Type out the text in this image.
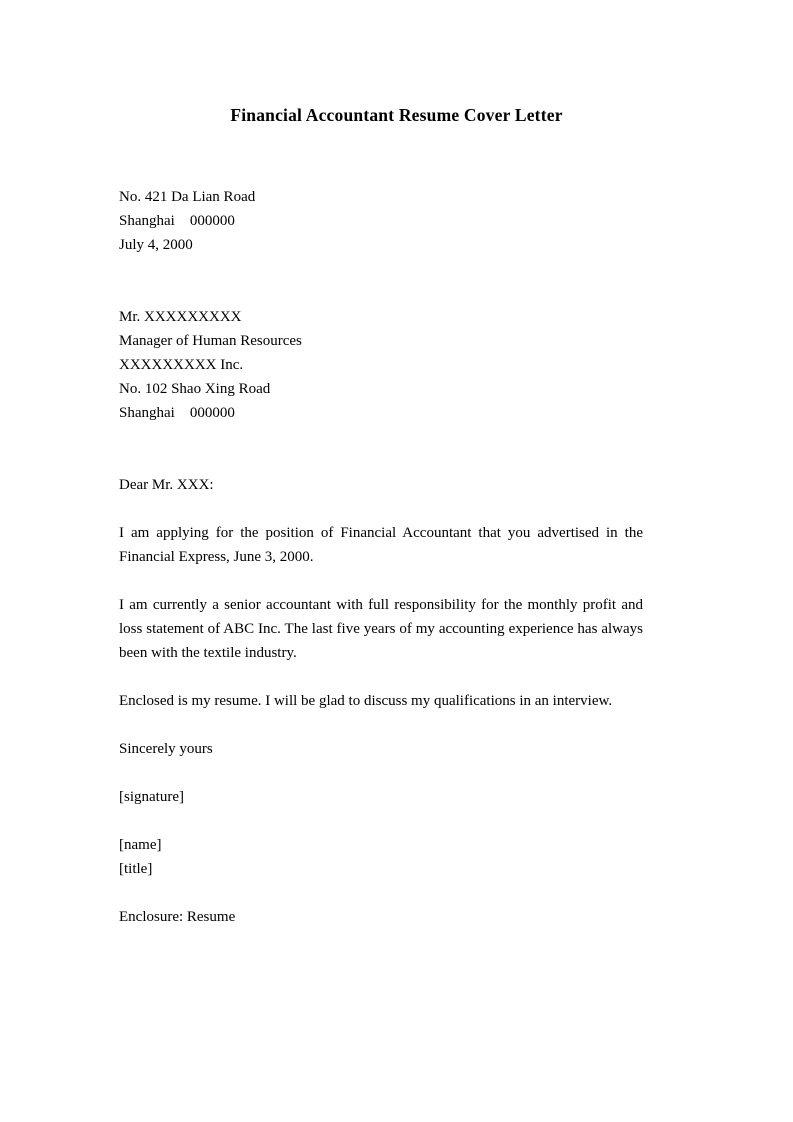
Financial Accountant Resume Cover Letter
No. 421 Da Lian Road
Shanghai    000000
July 4, 2000
Mr. XXXXXXXXX
Manager of Human Resources
XXXXXXXXX Inc.
No. 102 Shao Xing Road
Shanghai    000000
Dear Mr. XXX:
I am applying for the position of Financial Accountant that you advertised in the Financial Express, June 3, 2000.
I am currently a senior accountant with full responsibility for the monthly profit and loss statement of ABC Inc. The last five years of my accounting experience has always been with the textile industry.
Enclosed is my resume. I will be glad to discuss my qualifications in an interview.
Sincerely yours
[signature]
[name]
[title]
Enclosure: Resume
